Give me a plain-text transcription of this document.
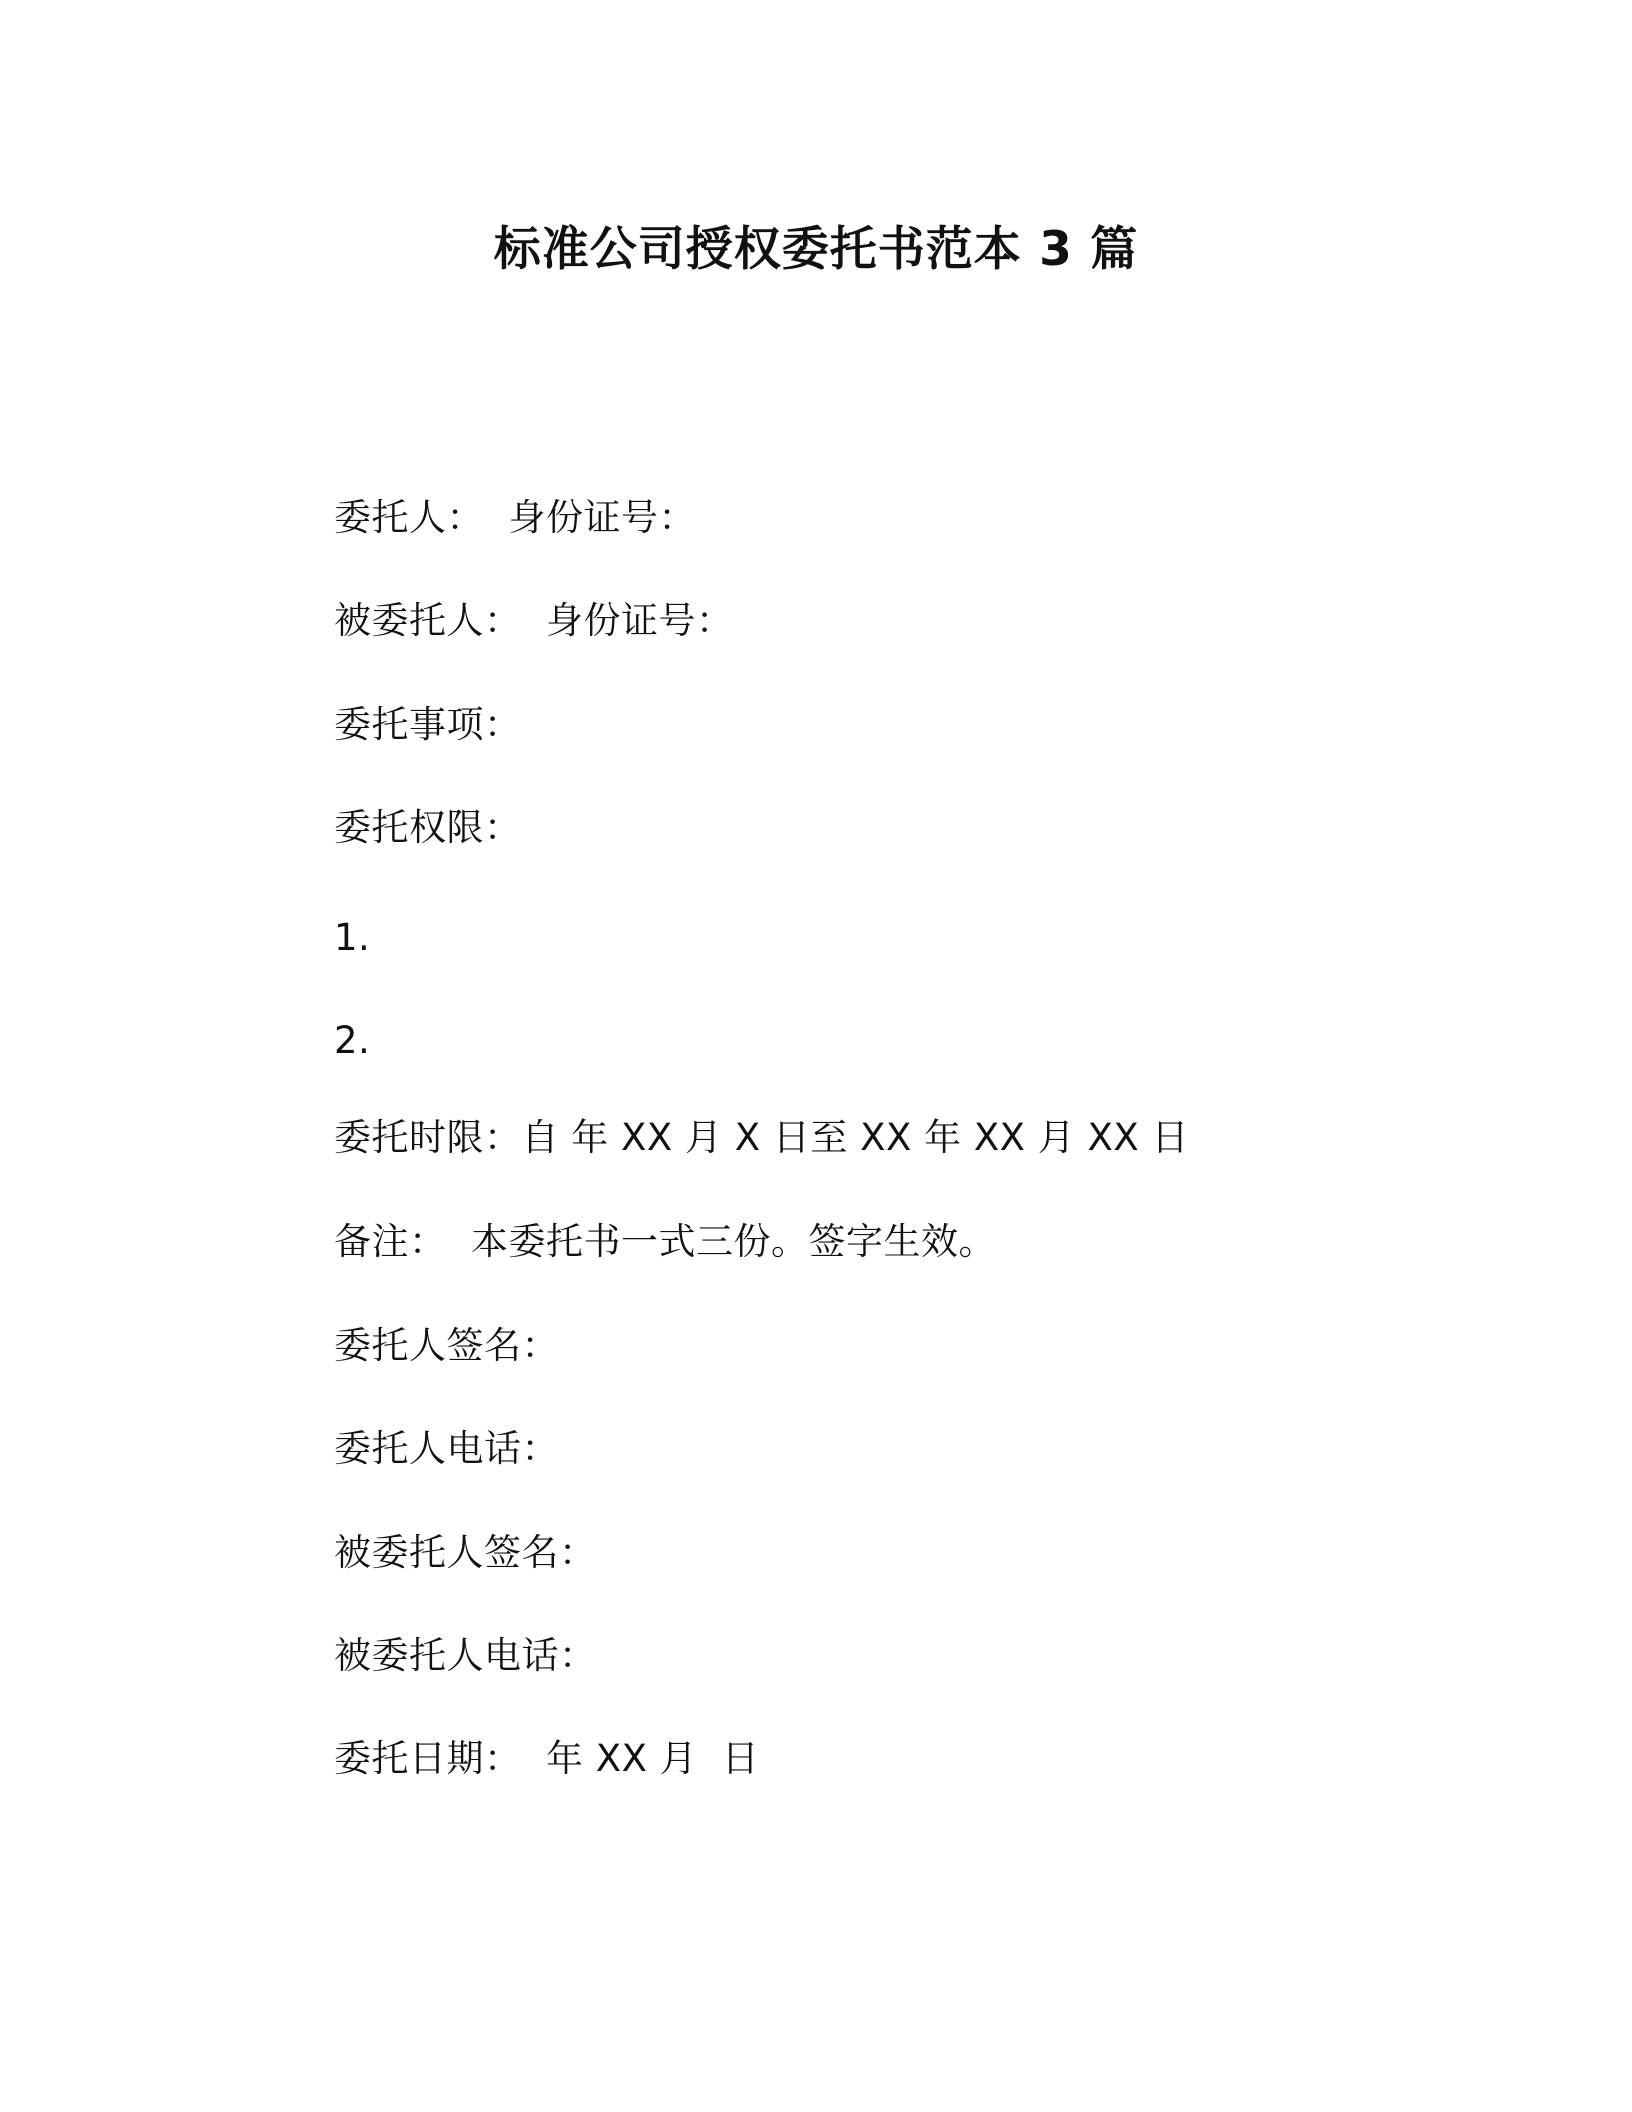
标准公司授权委托书范本 3 篇
委托人：  身份证号：
被委托人：  身份证号：
委托事项：
委托权限：
1.
2.
委托时限：自 年 XX 月 X 日至 XX 年 XX 月 XX 日
备注：  本委托书一式三份。签字生效。
委托人签名：
委托人电话：
被委托人签名：
被委托人电话：
委托日期：  年 XX 月  日
